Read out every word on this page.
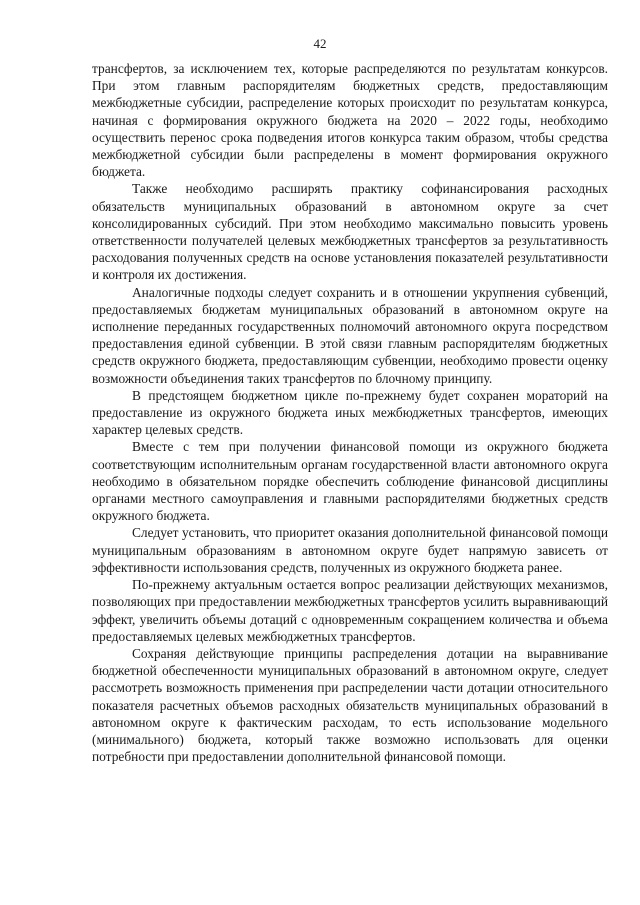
42

трансфертов, за исключением тех, которые распределяются по результатам конкурсов. При этом главным распорядителям бюджетных средств, предоставляющим межбюджетные субсидии, распределение которых происходит по результатам конкурса, начиная с формирования окружного бюджета на 2020 – 2022 годы, необходимо осуществить перенос срока подведения итогов конкурса таким образом, чтобы средства межбюджетной субсидии были распределены в момент формирования окружного бюджета.

Также необходимо расширять практику софинансирования расходных обязательств муниципальных образований в автономном округе за счет консолидированных субсидий. При этом необходимо максимально повысить уровень ответственности получателей целевых межбюджетных трансфертов за результативность расходования полученных средств на основе установления показателей результативности и контроля их достижения.

Аналогичные подходы следует сохранить и в отношении укрупнения субвенций, предоставляемых бюджетам муниципальных образований в автономном округе на исполнение переданных государственных полномочий автономного округа посредством предоставления единой субвенции. В этой связи главным распорядителям бюджетных средств окружного бюджета, предоставляющим субвенции, необходимо провести оценку возможности объединения таких трансфертов по блочному принципу.

В предстоящем бюджетном цикле по-прежнему будет сохранен мораторий на предоставление из окружного бюджета иных межбюджетных трансфертов, имеющих характер целевых средств.

Вместе с тем при получении финансовой помощи из окружного бюджета соответствующим исполнительным органам государственной власти автономного округа необходимо в обязательном порядке обеспечить соблюдение финансовой дисциплины органами местного самоуправления и главными распорядителями бюджетных средств окружного бюджета.

Следует установить, что приоритет оказания дополнительной финансовой помощи муниципальным образованиям в автономном округе будет напрямую зависеть от эффективности использования средств, полученных из окружного бюджета ранее.

По-прежнему актуальным остается вопрос реализации действующих механизмов, позволяющих при предоставлении межбюджетных трансфертов усилить выравнивающий эффект, увеличить объемы дотаций с одновременным сокращением количества и объема предоставляемых целевых межбюджетных трансфертов.

Сохраняя действующие принципы распределения дотации на выравнивание бюджетной обеспеченности муниципальных образований в автономном округе, следует рассмотреть возможность применения при распределении части дотации относительного показателя расчетных объемов расходных обязательств муниципальных образований в автономном округе к фактическим расходам, то есть использование модельного (минимального) бюджета, который также возможно использовать для оценки потребности при предоставлении дополнительной финансовой помощи.
